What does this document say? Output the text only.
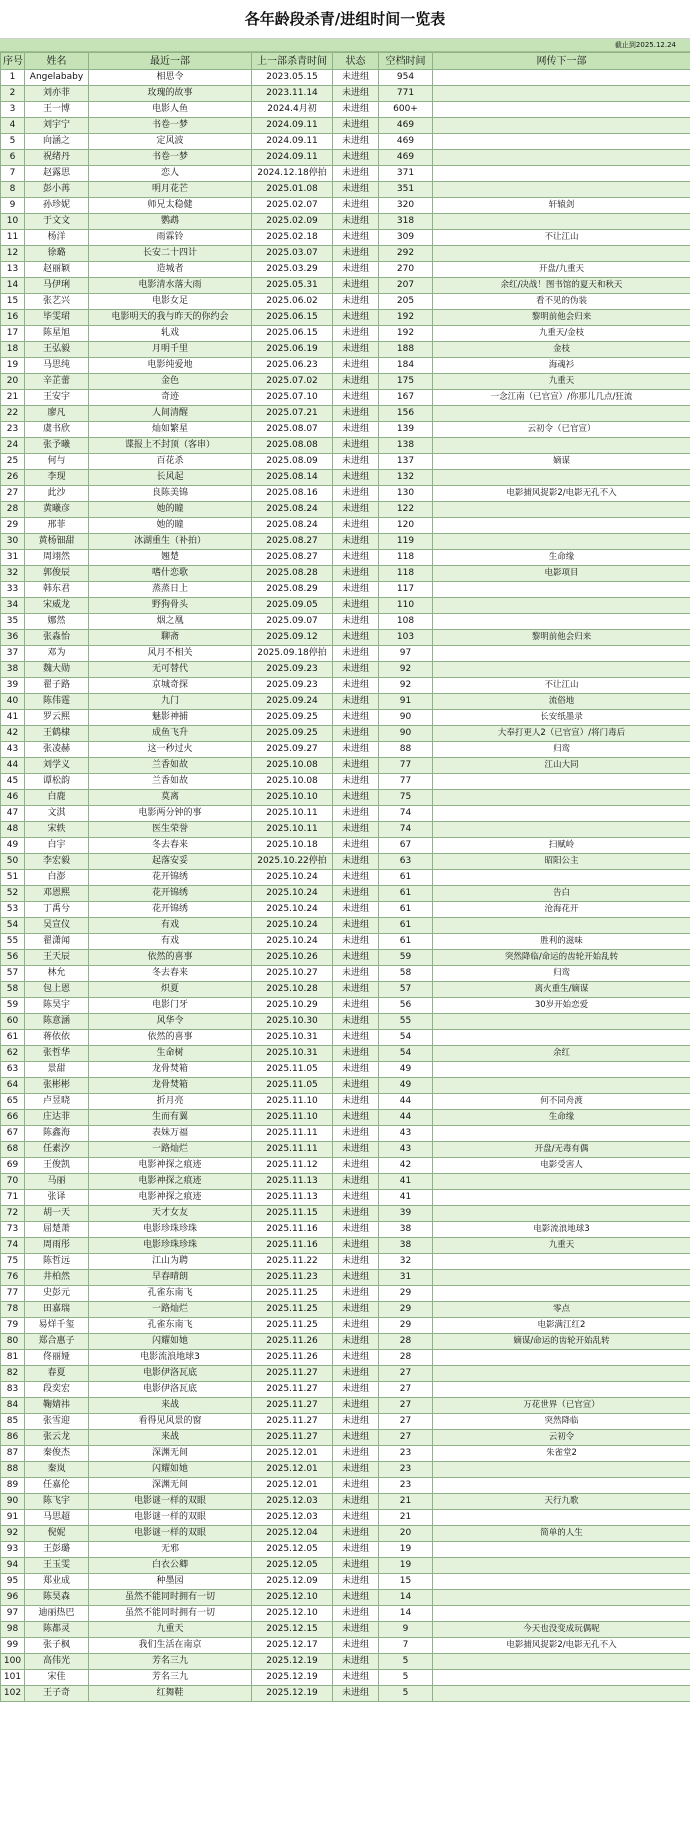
各年龄段杀青/进组时间一览表
截止到2025.12.24
序号	姓名	最近一部	上一部杀青时间	状态	空档时间	网传下一部
1	Angelababy	相思令	2023.05.15	未进组	954	
2	刘亦菲	玫瑰的故事	2023.11.14	未进组	771	
3	王一博	电影人鱼	2024.4月初	未进组	600+	
4	刘宇宁	书卷一梦	2024.09.11	未进组	469	
5	向涵之	定风波	2024.09.11	未进组	469	
6	祝绪丹	书卷一梦	2024.09.11	未进组	469	
7	赵露思	恋人	2024.12.18停拍	未进组	371	
8	彭小苒	明月花芒	2025.01.08	未进组	351	
9	孙珍妮	师兄太稳健	2025.02.07	未进组	320	轩辕剑
10	于文文	鹦鹉	2025.02.09	未进组	318	
11	杨洋	雨霖铃	2025.02.18	未进组	309	不让江山
12	徐璐	长安二十四计	2025.03.07	未进组	292	
13	赵丽颖	造城者	2025.03.29	未进组	270	开盘/九重天
14	马伊琍	电影清水落大雨	2025.05.31	未进组	207	余红/决战！图书馆的夏天和秋天
15	张艺兴	电影女足	2025.06.02	未进组	205	看不见的伪装
16	毕雯珺	电影明天的我与昨天的你约会	2025.06.15	未进组	192	黎明前他会归来
17	陈星旭	轧戏	2025.06.15	未进组	192	九重天/金枝
18	王弘毅	月明千里	2025.06.19	未进组	188	金枝
19	马思纯	电影纯爱地	2025.06.23	未进组	184	海魂衫
20	辛芷蕾	金色	2025.07.02	未进组	175	九重天
21	王安宇	奇迹	2025.07.10	未进组	167	一念江南（已官宣）/你那儿几点/狂流
22	廖凡	人间清醒	2025.07.21	未进组	156	
23	虞书欣	灿如繁星	2025.08.07	未进组	139	云初令（已官宣）
24	张予曦	谍报上不封顶（客串）	2025.08.08	未进组	138	
25	何与	百花杀	2025.08.09	未进组	137	嫡谋
26	李现	长风起	2025.08.14	未进组	132	
27	此沙	良陈美锦	2025.08.16	未进组	130	电影捕风捉影2/电影无孔不入
28	黄曦彦	她的瞳	2025.08.24	未进组	122	
29	邢菲	她的瞳	2025.08.24	未进组	120	
30	黄杨钿甜	冰湖重生（补拍）	2025.08.27	未进组	119	
31	周翊然	翘楚	2025.08.27	未进组	118	生命缘
32	郭俊辰	嗜什恋歌	2025.08.28	未进组	118	电影项目
33	韩东君	蒸蒸日上	2025.08.29	未进组	117	
34	宋威龙	野狗骨头	2025.09.05	未进组	110	
35	娜然	烟之凰	2025.09.07	未进组	108	
36	张淼怡	聊斋	2025.09.12	未进组	103	黎明前他会归来
37	邓为	风月不相关	2025.09.18停拍	未进组	97	
38	魏大勋	无可替代	2025.09.23	未进组	92	
39	翟子路	京城奇探	2025.09.23	未进组	92	不让江山
40	陈伟霆	九门	2025.09.24	未进组	91	流俗地
41	罗云熙	魅影神捕	2025.09.25	未进组	90	长安纸墨录
42	王鹤棣	成鱼飞升	2025.09.25	未进组	90	大奉打更人2（已官宣）/将门毒后
43	张凌赫	这一秒过火	2025.09.27	未进组	88	归鸾
44	刘学义	兰香如故	2025.10.08	未进组	77	江山大同
45	谭松韵	兰香如故	2025.10.08	未进组	77	
46	白鹿	莫离	2025.10.10	未进组	75	
47	文淇	电影两分钟的事	2025.10.11	未进组	74	
48	宋轶	医生荣誉	2025.10.11	未进组	74	
49	白宇	冬去春来	2025.10.18	未进组	67	扫赋岭
50	李宏毅	起落安妥	2025.10.22停拍	未进组	63	昭阳公主
51	白澎	花开锦绣	2025.10.24	未进组	61	
52	邓恩熙	花开锦绣	2025.10.24	未进组	61	告白
53	丁禹兮	花开锦绣	2025.10.24	未进组	61	沧海花开
54	吴宣仪	有戏	2025.10.24	未进组	61	
55	翟潇闻	有戏	2025.10.24	未进组	61	胜利的滋味
56	王天辰	依然的喜事	2025.10.26	未进组	59	突然降临/命运的齿轮开始乱转
57	林允	冬去春来	2025.10.27	未进组	58	归鸾
58	包上恩	炽夏	2025.10.28	未进组	57	离火重生/嫡谋
59	陈昊宇	电影门牙	2025.10.29	未进组	56	30岁开始恋爱
60	陈意涵	风华令	2025.10.30	未进组	55	
61	蒋依依	依然的喜事	2025.10.31	未进组	54	
62	张哲华	生命树	2025.10.31	未进组	54	余红
63	景甜	龙骨焚箱	2025.11.05	未进组	49	
64	张彬彬	龙骨焚箱	2025.11.05	未进组	49	
65	卢昱晓	折月亮	2025.11.10	未进组	44	何不同舟渡
66	庄达菲	生而有翼	2025.11.10	未进组	44	生命缘
67	陈鑫海	表妹万福	2025.11.11	未进组	43	
68	任素汐	一路灿烂	2025.11.11	未进组	43	开盘/无毒有偶
69	王俊凯	电影神探之痕迹	2025.11.12	未进组	42	电影受害人
70	马丽	电影神探之痕迹	2025.11.13	未进组	41	
71	张译	电影神探之痕迹	2025.11.13	未进组	41	
72	胡一天	天才女友	2025.11.15	未进组	39	
73	屈楚萧	电影珍珠珍珠	2025.11.16	未进组	38	电影流浪地球3
74	周雨彤	电影珍珠珍珠	2025.11.16	未进组	38	九重天
75	陈哲远	江山为聘	2025.11.22	未进组	32	
76	井柏然	早春晴朗	2025.11.23	未进组	31	
77	史彭元	孔雀东南飞	2025.11.25	未进组	29	
78	田嘉瑞	一路灿烂	2025.11.25	未进组	29	零点
79	易烊千玺	孔雀东南飞	2025.11.25	未进组	29	电影满江红2
80	郑合惠子	闪耀如她	2025.11.26	未进组	28	嫡谋/命运的齿轮开始乱转
81	佟丽娅	电影流浪地球3	2025.11.26	未进组	28	
82	春夏	电影伊洛瓦底	2025.11.27	未进组	27	
83	段奕宏	电影伊洛瓦底	2025.11.27	未进组	27	
84	鞠婧祎	来战	2025.11.27	未进组	27	万花世界（已官宣）
85	张雪迎	看得见风景的窗	2025.11.27	未进组	27	突然降临
86	张云龙	来战	2025.11.27	未进组	27	云初令
87	秦俊杰	深渊无间	2025.12.01	未进组	23	朱雀堂2
88	秦岚	闪耀如她	2025.12.01	未进组	23	
89	任嘉伦	深渊无间	2025.12.01	未进组	23	
90	陈飞宇	电影谜一样的双眼	2025.12.03	未进组	21	天行九歌
91	马思超	电影谜一样的双眼	2025.12.03	未进组	21	
92	倪妮	电影谜一样的双眼	2025.12.04	未进组	20	简单的人生
93	王彭璐	无邪	2025.12.05	未进组	19	
94	王玉雯	白衣公卿	2025.12.05	未进组	19	
95	郑业成	种墨园	2025.12.09	未进组	15	
96	陈昊森	虽然不能同时拥有一切	2025.12.10	未进组	14	
97	迪丽热巴	虽然不能同时拥有一切	2025.12.10	未进组	14	
98	陈都灵	九重天	2025.12.15	未进组	9	今天也没变成玩偶呢
99	张子枫	我们生活在南京	2025.12.17	未进组	7	电影捕风捉影2/电影无孔不入
100	高伟光	芳名三九	2025.12.19	未进组	5	
101	宋佳	芳名三九	2025.12.19	未进组	5	
102	王子奇	红舞鞋	2025.12.19	未进组	5	
